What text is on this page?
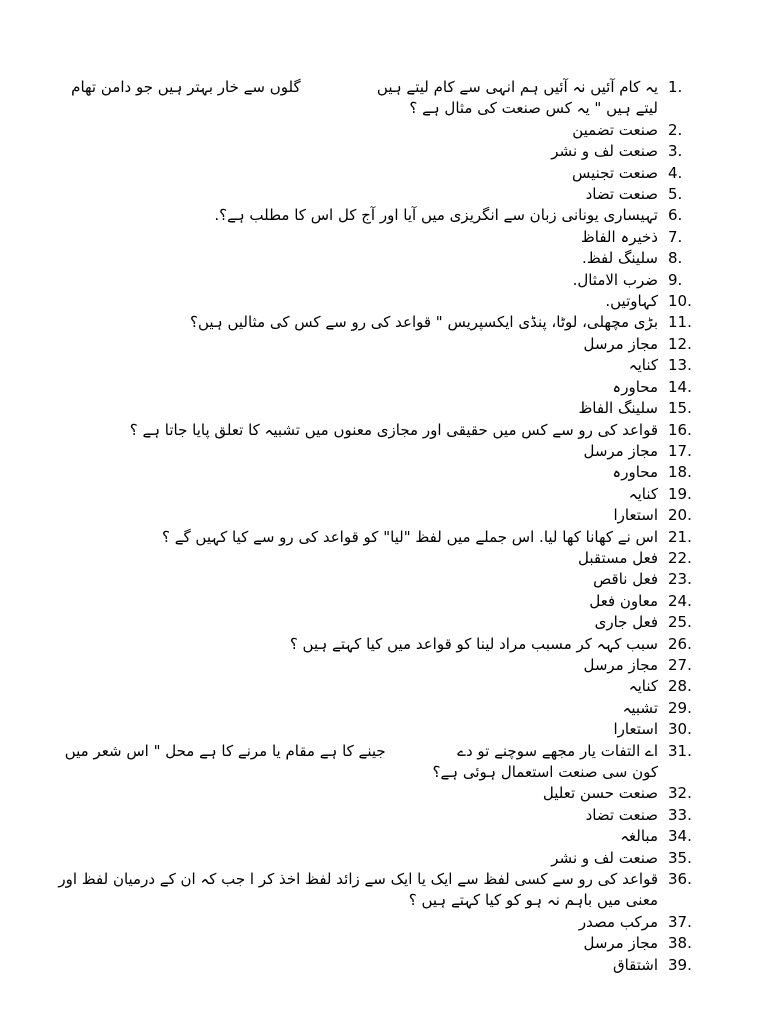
یہ کام آئیں نہ آئیں ہم انہی سے کام لیتے ہیں                گلوں سے خار بہتر ہیں جو دامن تھام لیتے ہیں " یہ کس صنعت کی مثال ہے ؟
1.
صنعت تضمین 2.
صنعت لف و نشر 3.
صنعت تجنیس 4.
صنعت تضاد 5.
تہیساری یونانی زبان سے انگریزی میں آیا اور آج کل اس کا مطلب ہے؟. 6.
ذخیرہ الفاظ 7.
سلینگ لفظ. 8.
ضرب الامثال. 9.
کہاوتیں. 10.
بڑی مچھلی، لوٹا، پنڈی ایکسپریس " قواعد کی رو سے کس کی مثالیں ہیں؟ 11.
مجاز مرسل 12.
کنایہ 13.
محاورہ 14.
سلینگ الفاظ 15.
قواعد کی رو سے کس میں حقیقی اور مجازی معنوں میں تشبیہ کا تعلق پایا جاتا ہے ؟ 16.
مجاز مرسل 17.
محاورہ 18.
کنایہ 19.
استعارا 20.
اس نے کھانا کھا لیا. اس جملے میں لفظ "لیا" کو قواعد کی رو سے کیا کہیں گے ؟ 21.
فعل مستقبل 22.
فعل ناقص 23.
معاون فعل 24.
فعل جاری 25.
سبب کہہ کر مسبب مراد لینا کو قواعد میں کیا کہتے ہیں ؟ 26.
مجاز مرسل 27.
کنایہ 28.
تشبیہ 29.
استعارا 30.
اے التفات یار مجھے سوچنے تو دے               جینے کا ہے مقام یا مرنے کا ہے محل " اس شعر میں کون سی صنعت استعمال ہوئی ہے؟
31.
صنعت حسن تعلیل 32.
صنعت تضاد 33.
مبالغہ 34.
صنعت لف و نشر 35.
قواعد کی رو سے کسی لفظ سے ایک یا ایک سے زائد لفظ اخذ کر ا جب کہ ان کے درمیان لفظ اور معنی میں باہم نہ ہو کو کیا کہتے ہیں ؟
36.
مرکب مصدر 37.
مجاز مرسل 38.
اشتقاق 39.
